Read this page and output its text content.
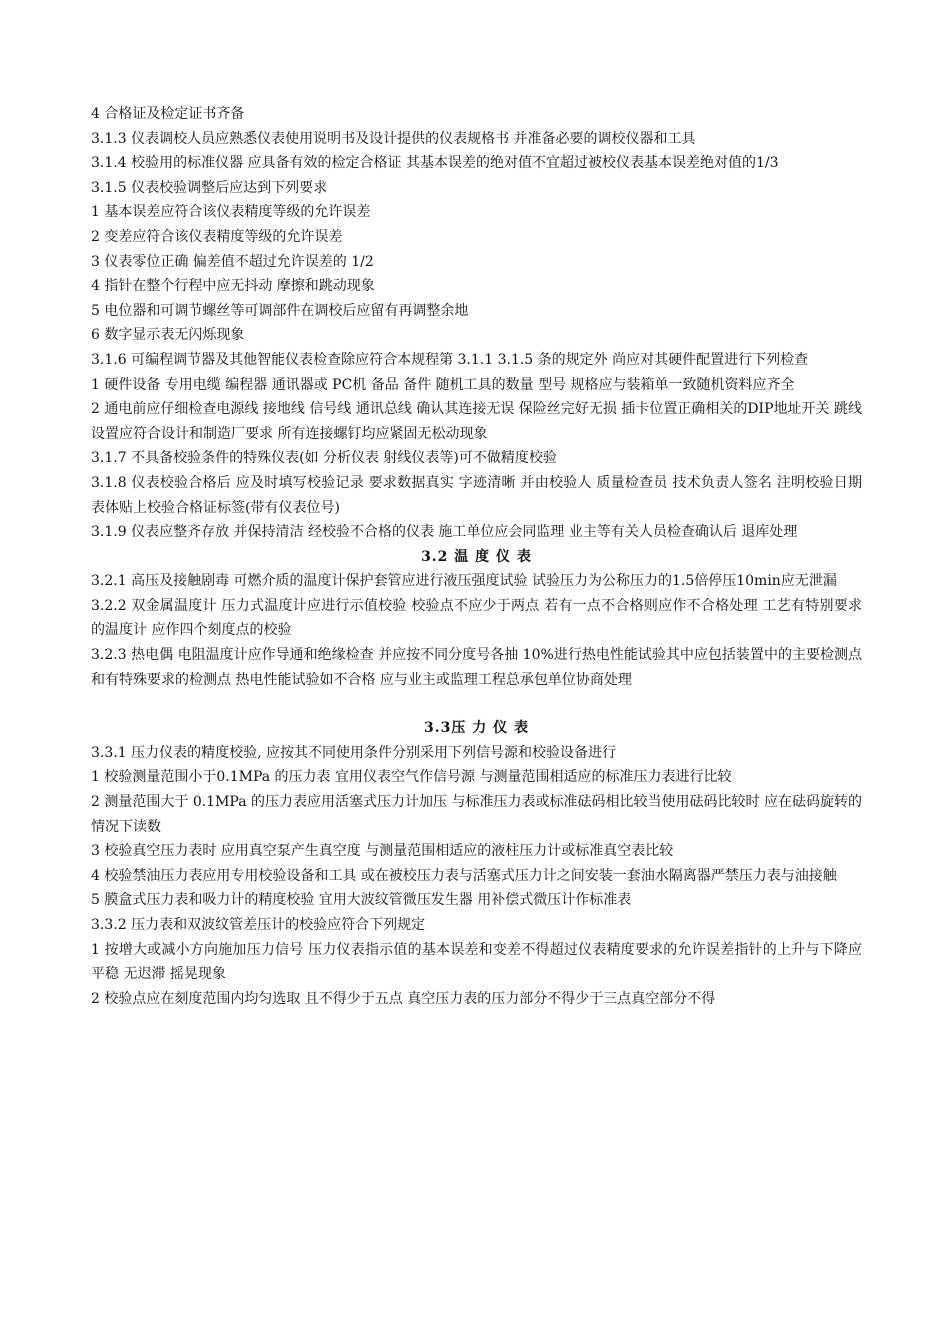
4 合格证及检定证书齐备

3.1.3 仪表调校人员应熟悉仪表使用说明书及设计提供的仪表规格书 并准备必要的调校仪器和工具

3.1.4 校验用的标准仪器 应具备有效的检定合格证 其基本误差的绝对值不宜超过被校仪表基本误差绝对值的1/3

3.1.5 仪表校验调整后应达到下列要求

1 基本误差应符合该仪表精度等级的允许误差

2 变差应符合该仪表精度等级的允许误差

3 仪表零位正确 偏差值不超过允许误差的 1/2

4 指针在整个行程中应无抖动 摩擦和跳动现象

5 电位器和可调节螺丝等可调部件在调校后应留有再调整余地

6 数字显示表无闪烁现象

3.1.6 可编程调节器及其他智能仪表检查除应符合本规程第 3.1.1 3.1.5 条的规定外 尚应对其硬件配置进行下列检查

1 硬件设备 专用电缆 编程器 通讯器或 PC机 备品 备件 随机工具的数量 型号 规格应与装箱单一致随机资料应齐全

2 通电前应仔细检查电源线 接地线 信号线 通讯总线 确认其连接无误 保险丝完好无损 插卡位置正确相关的DIP地址开关 跳线设置应符合设计和制造厂要求 所有连接螺钉均应紧固无松动现象

3.1.7 不具备校验条件的特殊仪表(如 分析仪表 射线仪表等)可不做精度校验

3.1.8 仪表校验合格后 应及时填写校验记录 要求数据真实 字迹清晰 并由校验人 质量检查员 技术负责人签名 注明校验日期 表体贴上校验合格证标签(带有仪表位号)

3.1.9 仪表应整齐存放 并保持清洁 经校验不合格的仪表 施工单位应会同监理 业主等有关人员检查确认后 退库处理

3.2 温 度 仪 表

3.2.1 高压及接触剧毒 可燃介质的温度计保护套管应进行液压强度试验 试验压力为公称压力的1.5倍停压10min应无泄漏

3.2.2 双金属温度计 压力式温度计应进行示值校验 校验点不应少于两点 若有一点不合格则应作不合格处理 工艺有特别要求的温度计 应作四个刻度点的校验

3.2.3 热电偶 电阻温度计应作导通和绝缘检查 并应按不同分度号各抽 10%进行热电性能试验其中应包括装置中的主要检测点和有特殊要求的检测点 热电性能试验如不合格 应与业主或监理工程总承包单位协商处理

3.3压 力 仪 表

3.3.1 压力仪表的精度校验, 应按其不同使用条件分别采用下列信号源和校验设备进行

1 校验测量范围小于0.1MPa 的压力表 宜用仪表空气作信号源 与测量范围相适应的标准压力表进行比较

2 测量范围大于 0.1MPa 的压力表应用活塞式压力计加压 与标准压力表或标准砝码相比较当使用砝码比较时 应在砝码旋转的情况下读数

3 校验真空压力表时 应用真空泵产生真空度 与测量范围相适应的液柱压力计或标准真空表比较

4 校验禁油压力表应用专用校验设备和工具 或在被校压力表与活塞式压力计之间安装一套油水隔离器严禁压力表与油接触

5 膜盒式压力表和吸力计的精度校验 宜用大波纹管微压发生器 用补偿式微压计作标准表

3.3.2 压力表和双波纹管差压计的校验应符合下列规定

1 按增大或减小方向施加压力信号 压力仪表指示值的基本误差和变差不得超过仪表精度要求的允许误差指针的上升与下降应平稳 无迟滞 摇晃现象

2 校验点应在刻度范围内均匀选取 且不得少于五点 真空压力表的压力部分不得少于三点真空部分不得
